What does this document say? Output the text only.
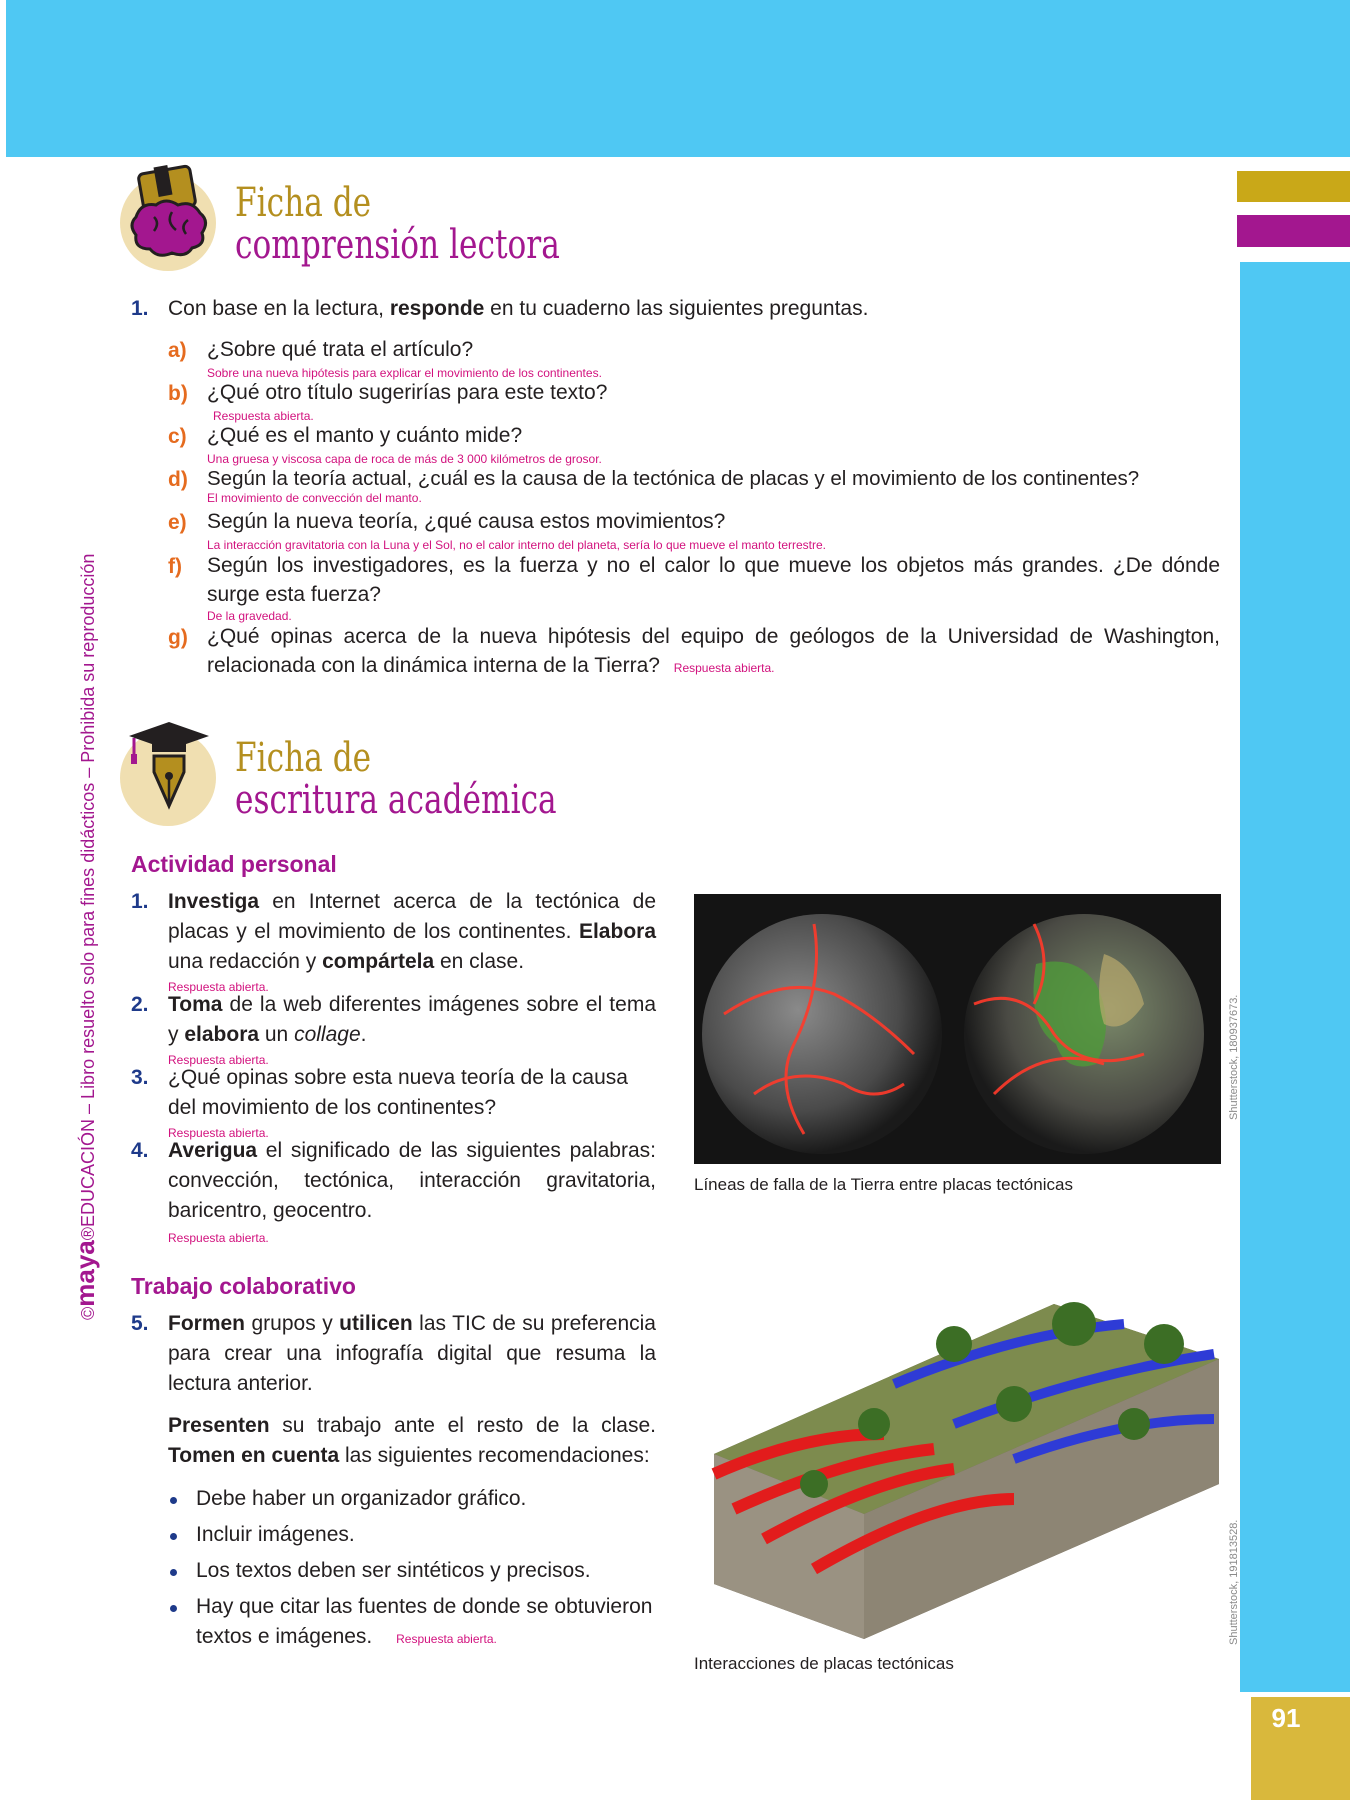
91
©maya®EDUCACIÓN – Libro resuelto solo para fines didácticos – Prohibida su reproducción
Ficha de
comprensión lectora
1. Con base en la lectura, responde en tu cuaderno las siguientes preguntas.
a) ¿Sobre qué trata el artículo?
Sobre una nueva hipótesis para explicar el movimiento de los continentes.
b) ¿Qué otro título sugerirías para este texto?
Respuesta abierta.
c) ¿Qué es el manto y cuánto mide?
Una gruesa y viscosa capa de roca de más de 3 000 kilómetros de grosor.
d) Según la teoría actual, ¿cuál es la causa de la tectónica de placas y el movimiento de los continentes?
El movimiento de convección del manto.
e) Según la nueva teoría, ¿qué causa estos movimientos?
La interacción gravitatoria con la Luna y el Sol, no el calor interno del planeta, sería lo que mueve el manto terrestre.
f) Según los investigadores, es la fuerza y no el calor lo que mueve los objetos más grandes. ¿De dónde surge esta fuerza?
De la gravedad.
g) ¿Qué opinas acerca de la nueva hipótesis del equipo de geólogos de la Universidad de Washington, relacionada con la dinámica interna de la Tierra? Respuesta abierta.
Ficha de
escritura académica
Actividad personal
1. Investiga en Internet acerca de la tectónica de placas y el movimiento de los continentes. Elabora una redacción y compártela en clase.
Respuesta abierta.
2. Toma de la web diferentes imágenes sobre el tema y elabora un collage.
Respuesta abierta.
3. ¿Qué opinas sobre esta nueva teoría de la causa del movimiento de los continentes?
Respuesta abierta.
4. Averigua el significado de las siguientes palabras: convección, tectónica, interacción gravitatoria, baricentro, geocentro.
Respuesta abierta.
Trabajo colaborativo
5. Formen grupos y utilicen las TIC de su preferencia para crear una infografía digital que resuma la lectura anterior.
Presenten su trabajo ante el resto de la clase. Tomen en cuenta las siguientes recomendaciones:
Debe haber un organizador gráfico.
Incluir imágenes.
Los textos deben ser sintéticos y precisos.
Hay que citar las fuentes de donde se obtuvieron textos e imágenes. Respuesta abierta.
Líneas de falla de la Tierra entre placas tectónicas
Shutterstock, 180937673.
Interacciones de placas tectónicas
Shutterstock, 191813528.
